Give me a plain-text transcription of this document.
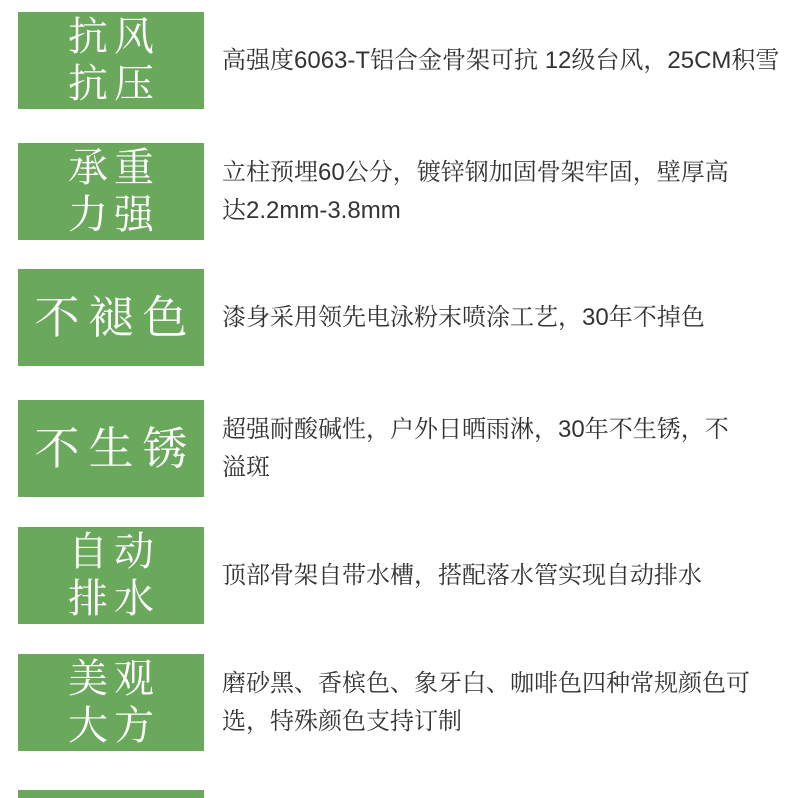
抗风
抗压
高强度6063-T铝合金骨架可抗 12级台风，25CM积雪
承重
力强
立柱预埋60公分，镀锌钢加固骨架牢固，壁厚高
达2.2mm-3.8mm
不褪色 漆身采用领先电泳粉末喷涂工艺，30年不掉色
不生锈 超强耐酸碱性，户外日晒雨淋，30年不生锈，不
溢斑
自动
排水
顶部骨架自带水槽，搭配落水管实现自动排水
美观
大方
磨砂黑、香槟色、象牙白、咖啡色四种常规颜色可
选，特殊颜色支持订制
